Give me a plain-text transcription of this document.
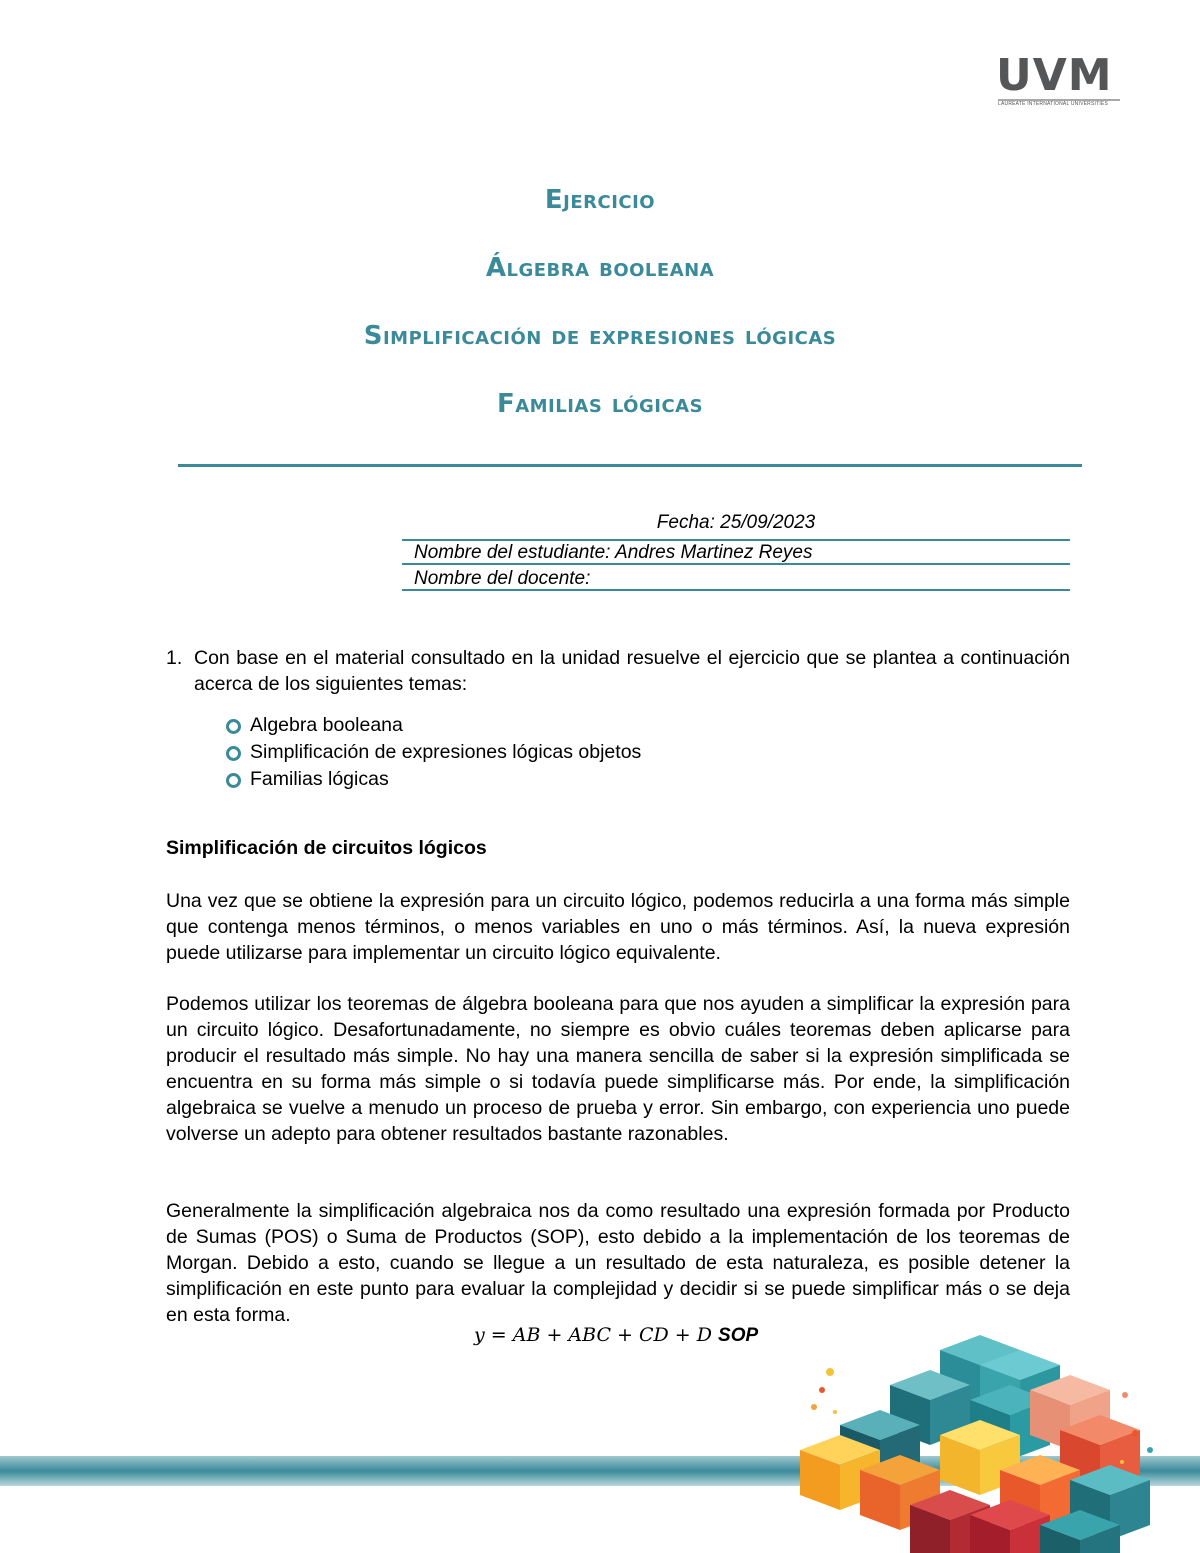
UVM
LAUREATE INTERNATIONAL UNIVERSITIES
Ejercicio
Álgebra booleana
Simplificación de expresiones lógicas
Familias lógicas
Fecha: 25/09/2023
Nombre del estudiante: Andres Martinez Reyes
Nombre del docente:
1. Con base en el material consultado en la unidad resuelve el ejercicio que se plantea a continuación acerca de los siguientes temas:
Algebra booleana
Simplificación de expresiones lógicas objetos
Familias lógicas
Simplificación de circuitos lógicos
Una vez que se obtiene la expresión para un circuito lógico, podemos reducirla a una forma más simple que contenga menos términos, o menos variables en uno o más términos. Así, la nueva expresión puede utilizarse para implementar un circuito lógico equivalente.
Podemos utilizar los teoremas de álgebra booleana para que nos ayuden a simplificar la expresión para un circuito lógico. Desafortunadamente, no siempre es obvio cuáles teoremas deben aplicarse para producir el resultado más simple. No hay una manera sencilla de saber si la expresión simplificada se encuentra en su forma más simple o si todavía puede simplificarse más. Por ende, la simplificación algebraica se vuelve a menudo un proceso de prueba y error. Sin embargo, con experiencia uno puede volverse un adepto para obtener resultados bastante razonables.
Generalmente la simplificación algebraica nos da como resultado una expresión formada por Producto de Sumas (POS) o Suma de Productos (SOP), esto debido a la implementación de los teoremas de Morgan. Debido a esto, cuando se llegue a un resultado de esta naturaleza, es posible detener la simplificación en este punto para evaluar la complejidad y decidir si se puede simplificar más o se deja en esta forma.
y = AB + ABC + CD + D SOP
